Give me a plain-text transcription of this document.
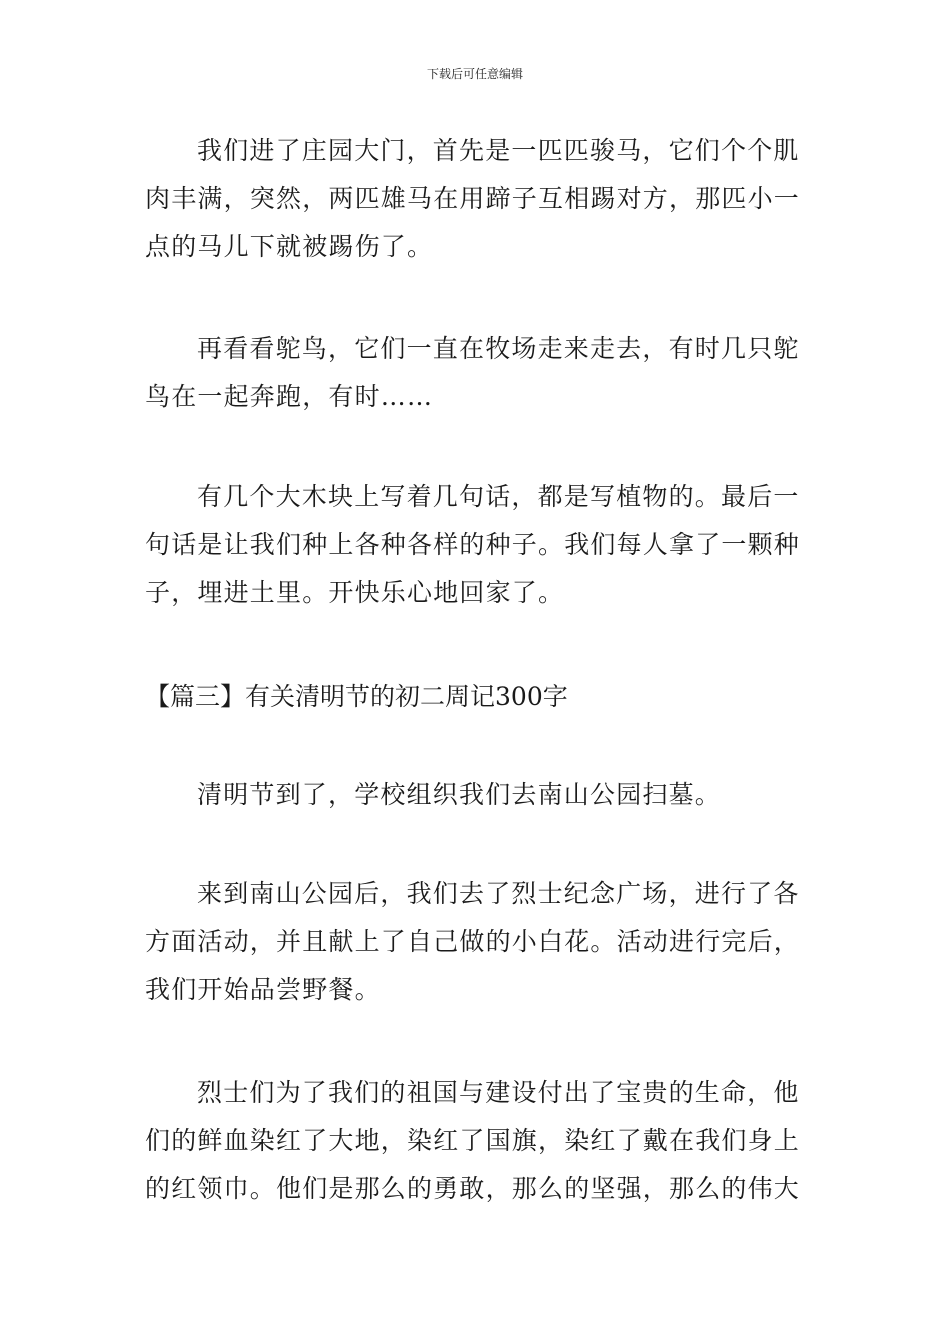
下载后可任意编辑
我们进了庄园大门，首先是一匹匹骏马，它们个个肌
肉丰满，突然，两匹雄马在用蹄子互相踢对方，那匹小一
点的马儿下就被踢伤了。
再看看鸵鸟，它们一直在牧场走来走去，有时几只鸵
鸟在一起奔跑，有时……
有几个大木块上写着几句话，都是写植物的。最后一
句话是让我们种上各种各样的种子。我们每人拿了一颗种
子，埋进土里。开快乐心地回家了。
【篇三】有关清明节的初二周记300字
清明节到了，学校组织我们去南山公园扫墓。
来到南山公园后，我们去了烈士纪念广场，进行了各
方面活动，并且献上了自己做的小白花。活动进行完后，
我们开始品尝野餐。
烈士们为了我们的祖国与建设付出了宝贵的生命，他
们的鲜血染红了大地，染红了国旗，染红了戴在我们身上
的红领巾。他们是那么的勇敢，那么的坚强，那么的伟大
